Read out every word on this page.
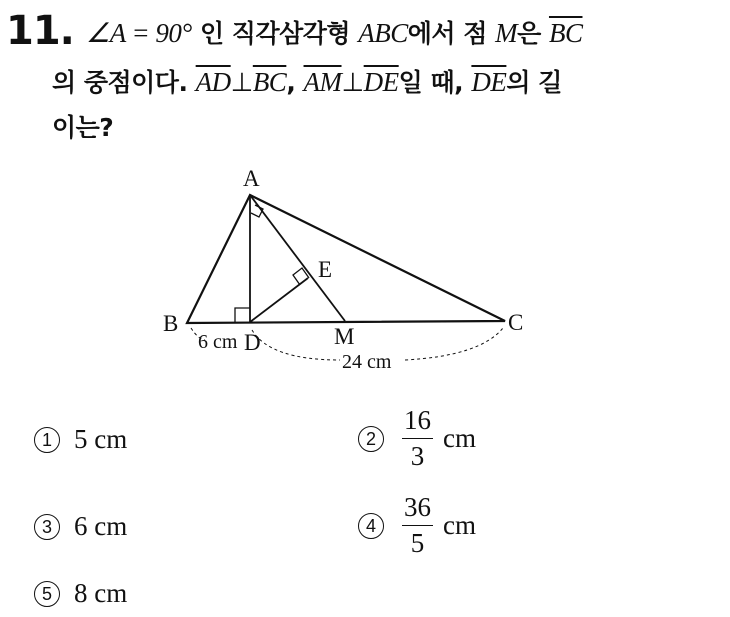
11. ∠A = 90° 인 직각삼각형 ABC에서 점 M은 $\overline{BC}$
의 중점이다. $\overline{AD}\perp\overline{BC}$, $\overline{AM}\perp\overline{DE}$일 때, $\overline{DE}$의 길
이는?
A
B	C
D
E
M
6 cm
24 cm
1 5 cm	$2 \frac{16}{3}$ cm
3 6 cm	$4 \frac{36}{5}$ cm
5 8 cm
